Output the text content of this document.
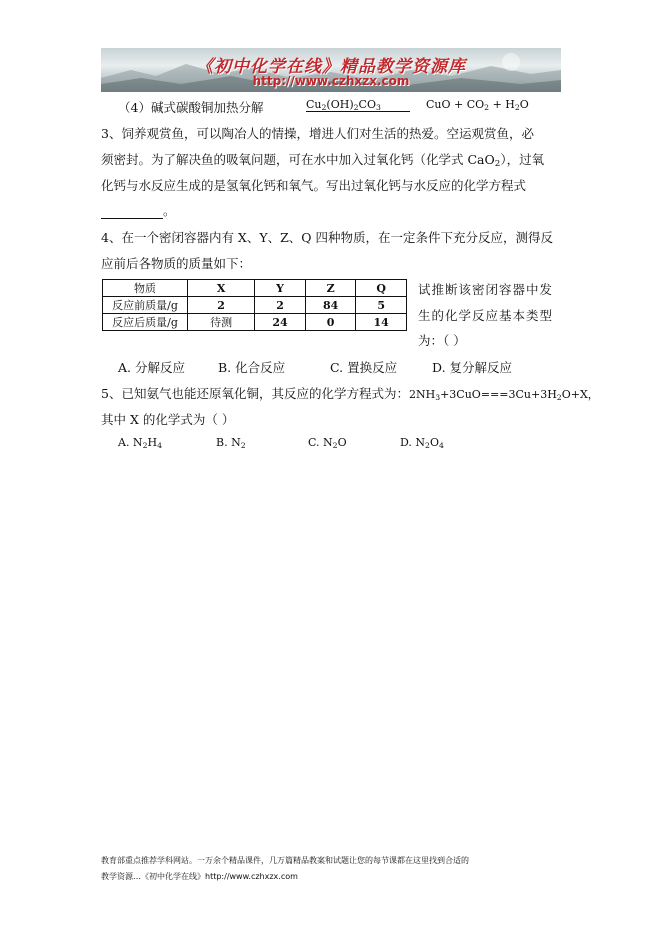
《初中化学在线》精品教学资源库
http://www.czhxzx.com
（4）碱式碳酸铜加热分解	$Cu_2(OH)_2CO_3$	CuO + $CO_2 + H_2O$
3、饲养观赏鱼，可以陶冶人的情操，增进人们对生活的热爱。空运观赏鱼，必
须密封。为了解决鱼的吸氧问题，可在水中加入过氧化钙（化学式 CaO$_2$），过氧
化钙与水反应生成的是氢氧化钙和氧气。写出过氧化钙与水反应的化学方程式
。
4、在一个密闭容器内有 X、Y、Z、Q 四种物质，在一定条件下充分反应，测得反
应前后各物质的质量如下：
物质	X	Y	Z	Q
反应前质量/g	2	2	84	5
反应后质量/g	待测	24	0	14
试推断该密闭容器中发
生的化学反应基本类型
为：（ ）
A. 分解反应	B. 化合反应	C. 置换反应	D. 复分解反应
5、已知氨气也能还原氧化铜，其反应的化学方程式为：$2NH_3+3CuO===3Cu+3H_2O+X$，
其中 X 的化学式为（ ）
A. $N_2H_4$	B. $N_2$	C. $N_2O$	D. $N_2O_4$
教育部重点推荐学科网站。一万余个精品课件，几万篇精品教案和试题让您的每节课都在这里找到合适的
教学资源…《初中化学在线》http://www.czhxzx.com
